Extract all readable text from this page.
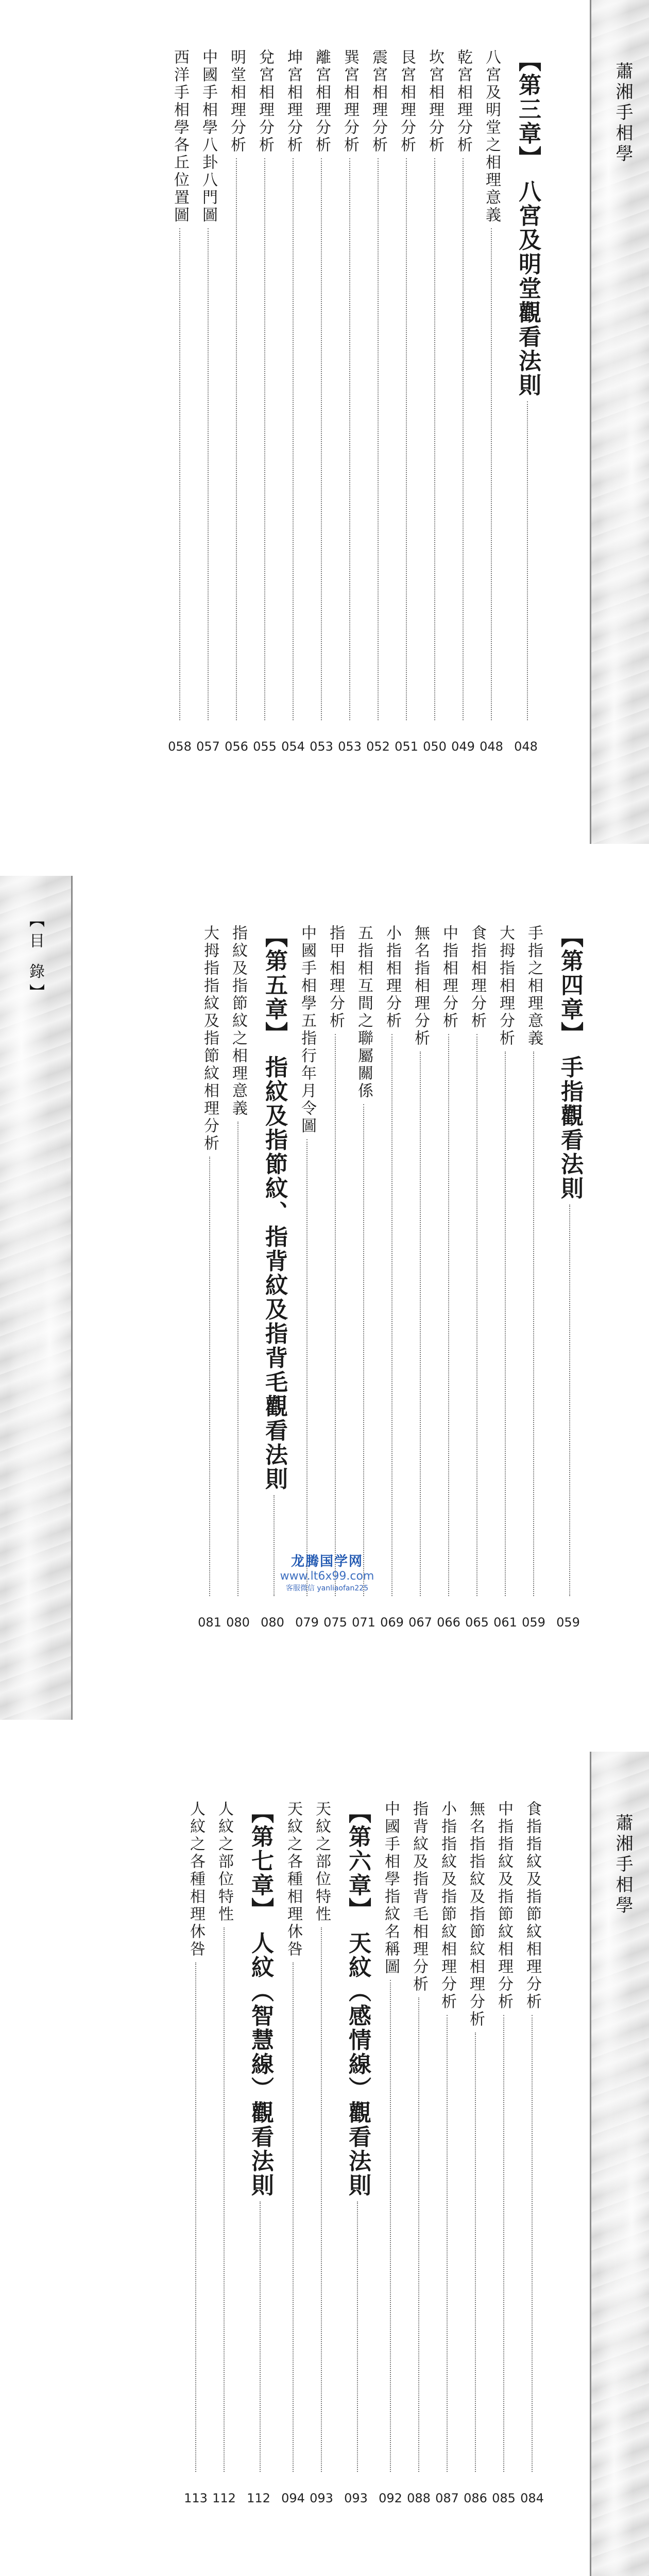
蕭湘手相學
【第三章】 八宮及明堂觀看法則
八宮及明堂之相理意義
乾宮相理分析
坎宮相理分析
艮宮相理分析
震宮相理分析
巽宮相理分析
離宮相理分析
坤宮相理分析
兌宮相理分析
明堂相理分析
中國手相學八卦八門圖
西洋手相學各丘位置圖
048
048
049
050
051
052
053
053
054
055
056
057
058
【目 錄】	【第四章】 手指觀看法則
手指之相理意義
大拇指相理分析
食指相理分析
中指相理分析
無名指相理分析
小指相理分析
五指相互間之聯屬關係
指甲相理分析
中國手相學五指行年月令圖
【第五章】 指紋及指節紋、指背紋及指背毛觀看法則
指紋及指節紋之相理意義
大拇指指紋及指節紋相理分析
龙腾国学网
www.lt6x99.com
客服微信 yanliaofan225
059
059
061
065
066
067
069
071
075
079
080
080
081
蕭湘手相學
食指指紋及指節紋相理分析
中指指紋及指節紋相理分析
無名指指紋及指節紋相理分析
小指指紋及指節紋相理分析
指背紋及指背毛相理分析
中國手相學指紋名稱圖
【第六章】 天紋（感情線）觀看法則
天紋之部位特性
天紋之各種相理休咎
【第七章】 人紋（智慧線）觀看法則
人紋之部位特性
人紋之各種相理休咎
084
085
086
087
088
092
093
093
094
112
112
113
